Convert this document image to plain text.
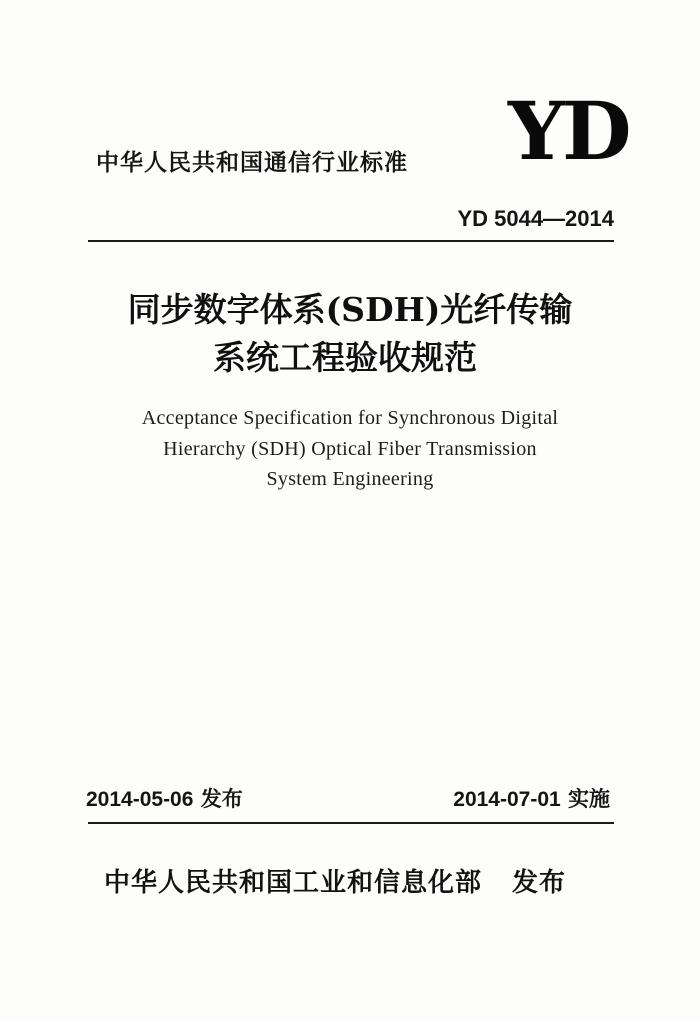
YD
中华人民共和国通信行业标准
YD 5044—2014
同步数字体系(SDH)光纤传输
系统工程验收规范
Acceptance Specification for Synchronous Digital
Hierarchy (SDH) Optical Fiber Transmission
System Engineering
2014-05-06 发布	2014-07-01 实施
中华人民共和国工业和信息化部 发布
